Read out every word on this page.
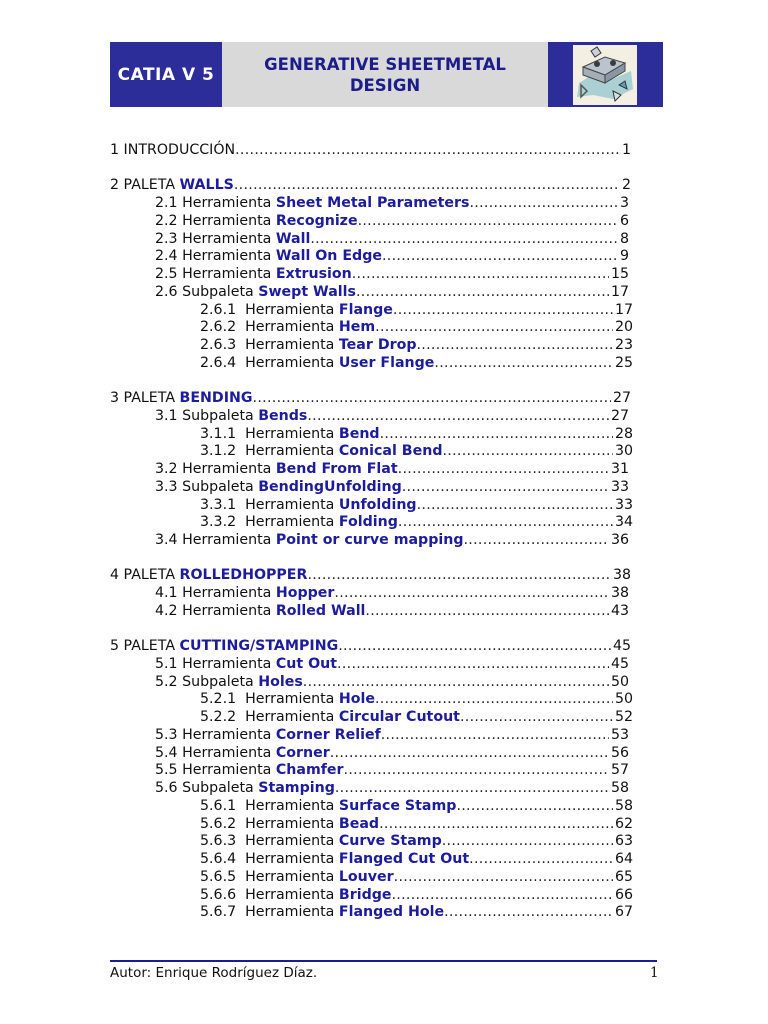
CATIA V 5
GENERATIVE SHEETMETAL
DESIGN
1 INTRODUCCIÓN .....	1
2 PALETA WALLS .....	2
2.1 Herramienta Sheet Metal Parameters .....	3
2.2 Herramienta Recognize .....	6
2.3 Herramienta Wall .....	8
2.4 Herramienta Wall On Edge .....	9
2.5 Herramienta Extrusion .....	15
2.6 Subpaleta Swept Walls .....	17
2.6.1 Herramienta Flange .....	17
2.6.2 Herramienta Hem .....	20
2.6.3 Herramienta Tear Drop .....	23
2.6.4 Herramienta User Flange .....	25
3 PALETA BENDING .....	27
3.1 Subpaleta Bends .....	27
3.1.1 Herramienta Bend .....	28
3.1.2 Herramienta Conical Bend .....	30
3.2 Herramienta Bend From Flat .....	31
3.3 Subpaleta BendingUnfolding .....	33
3.3.1 Herramienta Unfolding .....	33
3.3.2 Herramienta Folding .....	34
3.4 Herramienta Point or curve mapping .....	36
4 PALETA ROLLEDHOPPER .....	38
4.1 Herramienta Hopper .....	38
4.2 Herramienta Rolled Wall .....	43
5 PALETA CUTTING/STAMPING .....	45
5.1 Herramienta Cut Out .....	45
5.2 Subpaleta Holes .....	50
5.2.1 Herramienta Hole .....	50
5.2.2 Herramienta Circular Cutout .....	52
5.3 Herramienta Corner Relief .....	53
5.4 Herramienta Corner .....	56
5.5 Herramienta Chamfer .....	57
5.6 Subpaleta Stamping .....	58
5.6.1 Herramienta Surface Stamp .....	58
5.6.2 Herramienta Bead .....	62
5.6.3 Herramienta Curve Stamp .....	63
5.6.4 Herramienta Flanged Cut Out .....	64
5.6.5 Herramienta Louver .....	65
5.6.6 Herramienta Bridge .....	66
5.6.7 Herramienta Flanged Hole .....	67
Autor: Enrique Rodríguez Díaz.	1
